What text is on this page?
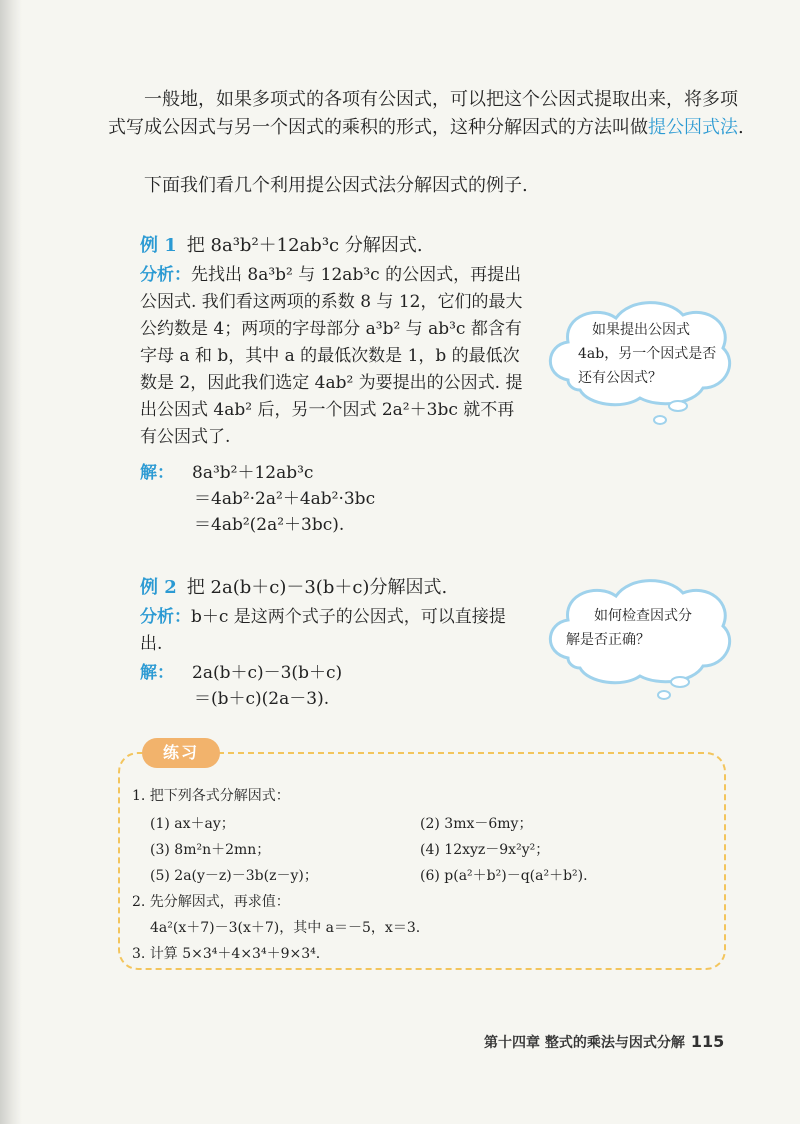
一般地，如果多项式的各项有公因式，可以把这个公因式提取出来，将多项式写成公因式与另一个因式的乘积的形式，这种分解因式的方法叫做提公因式法.

下面我们看几个利用提公因式法分解因式的例子.

例 1 把 8a³b²＋12ab³c 分解因式.

分析：先找出 8a³b² 与 12ab³c 的公因式，再提出公因式. 我们看这两项的系数 8 与 12，它们的最大公约数是 4；两项的字母部分 a³b² 与 ab³c 都含有字母 a 和 b，其中 a 的最低次数是 1，b 的最低次数是 2，因此我们选定 4ab² 为要提出的公因式. 提出公因式 4ab² 后，另一个因式 2a²＋3bc 就不再有公因式了.

解： 8a³b²＋12ab³c
＝4ab²·2a²＋4ab²·3bc
＝4ab²(2a²＋3bc).
如果提出公因式
4ab，另一个因式是否
还有公因式？

例 2 把 2a(b＋c)－3(b＋c)分解因式.

分析：b＋c 是这两个式子的公因式，可以直接提出.

解： 2a(b＋c)－3(b＋c)
＝(b＋c)(2a－3).
如何检查因式分
解是否正确？
练习
1. 把下列各式分解因式：
(1) ax＋ay；	(2) 3mx－6my；
(3) 8m²n＋2mn；	(4) 12xyz－9x²y²；
(5) 2a(y－z)－3b(z－y)；	(6) p(a²＋b²)－q(a²＋b²).
2. 先分解因式，再求值：
4a²(x＋7)－3(x＋7)，其中 a＝－5，x＝3.
3. 计算 5×3⁴＋4×3⁴＋9×3⁴.
第十四章 整式的乘法与因式分解 115
